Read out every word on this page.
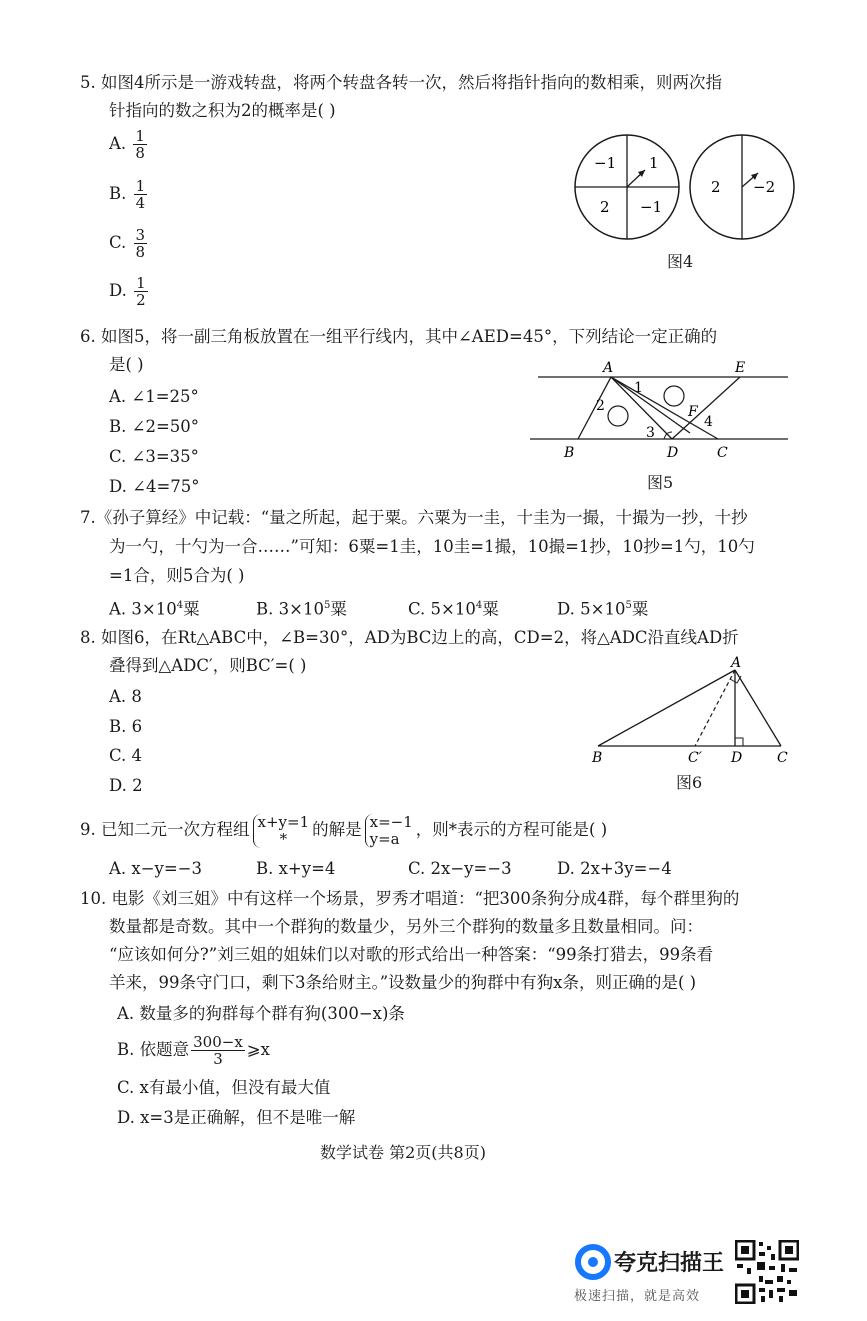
5. 如图4所示是一游戏转盘，将两个转盘各转一次，然后将指针指向的数相乘，则两次指
针指向的数之积为2的概率是( )
A. $\frac{1}{8}$
B. $\frac{1}{4}$
C. $\frac{3}{8}$
D. $\frac{1}{2}$
−1 1
2 −1
2 −2
图4
6. 如图5，将一副三角板放置在一组平行线内，其中∠AED=45°，下列结论一定正确的
是( )
A. ∠1=25°
B. ∠2=50°
C. ∠3=35°
D. ∠4=75°
A	E
F
B	D	C
1
2
3
4
图5
7.《孙子算经》中记载：“量之所起，起于粟。六粟为一圭，十圭为一撮，十撮为一抄，十抄
为一勺，十勺为一合……”可知：6粟=1圭，10圭=1撮，10撮=1抄，10抄=1勺，10勺
=1合，则5合为( )
A. $3\times 10^4$粟	B. $3\times 10^5$粟	C. $5\times 10^4$粟	D. $5\times 10^5$粟
8. 如图6，在Rt△ABC中，∠B=30°，AD为BC边上的高，CD=2，将△ADC沿直线AD折
叠得到△ADC′，则BC′=( )
A. 8
B. 6
C. 4
D. 2
A
B	C′ D C
图6
9. 已知二元一次方程组 x+y=1
*	的解是 x=−1
y=a ，则*表示的方程可能是( )
A. x−y=−3	B. x+y=4	C. 2x−y=−3	D. 2x+3y=−4
10. 电影《刘三姐》中有这样一个场景，罗秀才唱道：“把300条狗分成4群，每个群里狗的
数量都是奇数。其中一个群狗的数量少，另外三个群狗的数量多且数量相同。问：
“应该如何分?”刘三姐的姐妹们以对歌的形式给出一种答案：“99条打猎去，99条看
羊来，99条守门口，剩下3条给财主。”设数量少的狗群中有狗x条，则正确的是( )
A. 数量多的狗群每个群有狗(300−x)条
B. 依题意 $\frac{300-x}{3}$ ⩾x
C. x有最小值，但没有最大值
D. x=3是正确解，但不是唯一解
数学试卷 第2页(共8页)
夸克扫描王
极速扫描，就是高效
